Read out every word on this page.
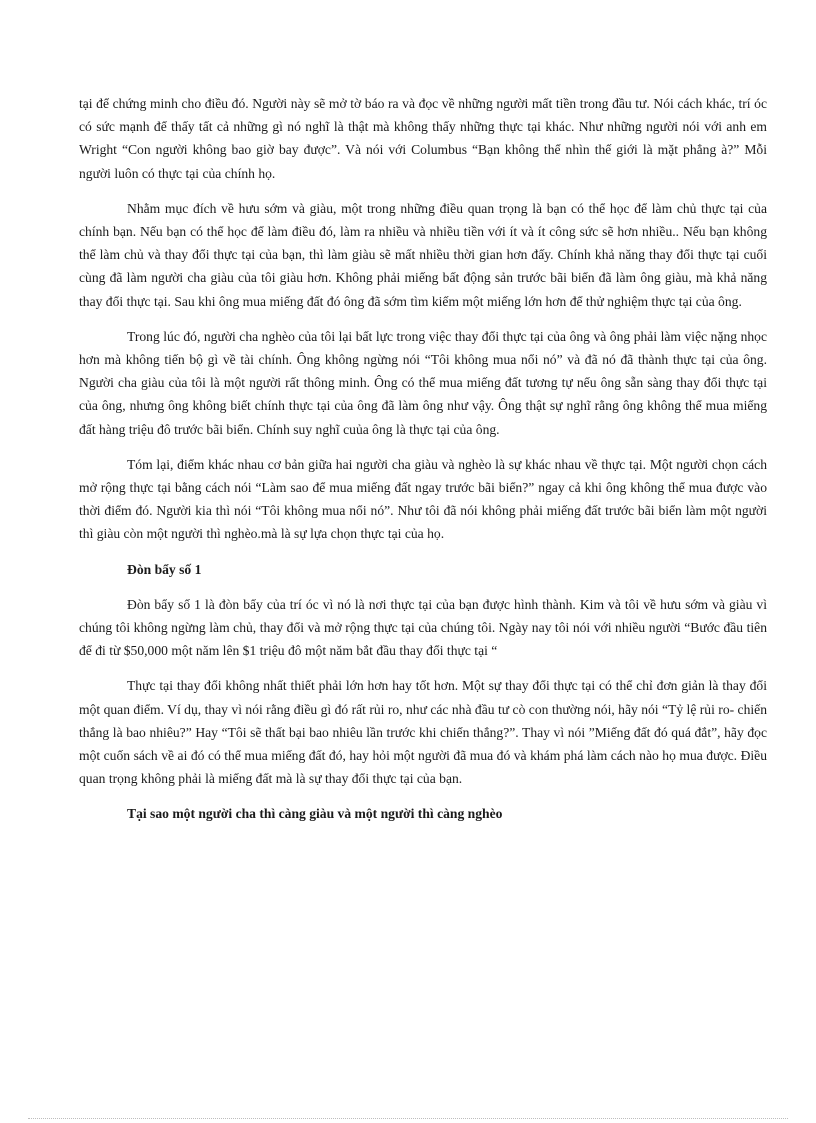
tại để chứng minh cho điều đó. Người này sẽ mở tờ báo ra và đọc về những người mất tiền trong đầu tư. Nói cách khác, trí óc có sức mạnh để thấy tất cả những gì nó nghĩ là thật mà không thấy những thực tại khác. Như những người nói với anh em Wright “Con người không bao giờ bay được”. Và nói với Columbus “Bạn không thể nhìn thế giới là mặt phẳng à?” Mỗi người luôn có thực tại của chính họ.

Nhằm mục đích về hưu sớm và giàu, một trong những điều quan trọng là bạn có thể học để làm chủ thực tại của chính bạn. Nếu bạn có thể học để làm điều đó, làm ra nhiều và nhiều tiền với ít và ít công sức sẽ hơn nhiều.. Nếu bạn không thể làm chủ và thay đổi thực tại của bạn, thì làm giàu sẽ mất nhiều thời gian hơn đấy. Chính khả năng thay đổi thực tại cuối cùng đã làm người cha giàu của tôi giàu hơn. Không phải miếng bất động sản trước bãi biển đã làm ông giàu, mà khả năng thay đổi thực tại. Sau khi ông mua miếng đất đó ông đã sớm tìm kiếm một miếng lớn hơn để thử nghiệm thực tại của ông.

Trong lúc đó, người cha nghèo của tôi lại bất lực trong việc thay đổi thực tại của ông và ông phải làm việc nặng nhọc hơn mà không tiến bộ gì về tài chính. Ông không ngừng nói “Tôi không mua nổi nó” và đã nó đã thành thực tại của ông. Người cha giàu của tôi là một người rất thông minh. Ông có thể mua miếng đất tương tự nếu ông sẵn sàng thay đổi thực tại của ông, nhưng ông không biết chính thực tại của ông đã làm ông như vậy. Ông thật sự nghĩ rằng ông không thể mua miếng đất hàng triệu đô trước bãi biển. Chính suy nghĩ cuủa ông là thực tại của ông.

Tóm lại, điểm khác nhau cơ bản giữa hai người cha giàu và nghèo là sự khác nhau về thực tại. Một người chọn cách mở rộng thực tại bằng cách nói “Làm sao để mua miếng đất ngay trước bãi biển?” ngay cả khi ông không thể mua được vào thời điểm đó. Người kia thì nói “Tôi không mua nổi nó”. Như tôi đã nói không phải miếng đất trước bãi biển làm một người thì giàu còn một người thì nghèo.mà là sự lựa chọn thực tại của họ.

Đòn bẩy số 1

Đòn bẩy số 1 là đòn bẩy của trí óc vì nó là nơi thực tại của bạn được hình thành. Kim và tôi về hưu sớm và giàu vì chúng tôi không ngừng làm chủ, thay đổi và mở rộng thực tại của chúng tôi. Ngày nay tôi nói với nhiều người “Bước đầu tiên để đi từ $50,000 một năm lên $1 triệu đô một năm bắt đầu thay đổi thực tại “

Thực tại thay đổi không nhất thiết phải lớn hơn hay tốt hơn. Một sự thay đổi thực tại có thể chỉ đơn giản là thay đổi một quan điểm. Ví dụ, thay vì nói rằng điều gì đó rất rủi ro, như các nhà đầu tư cò con thường nói, hãy nói “Tỷ lệ rủi ro- chiến thắng là bao nhiêu?” Hay “Tôi sẽ thất bại bao nhiêu lần trước khi chiến thắng?”. Thay vì nói ”Miếng đất đó quá đắt”, hãy đọc một cuốn sách về ai đó có thể mua miếng đất đó, hay hỏi một người đã mua đó và khám phá làm cách nào họ mua được. Điều quan trọng không phải là miếng đất mà là sự thay đổi thực tại của bạn.

Tại sao một người cha thì càng giàu và một người thì càng nghèo
